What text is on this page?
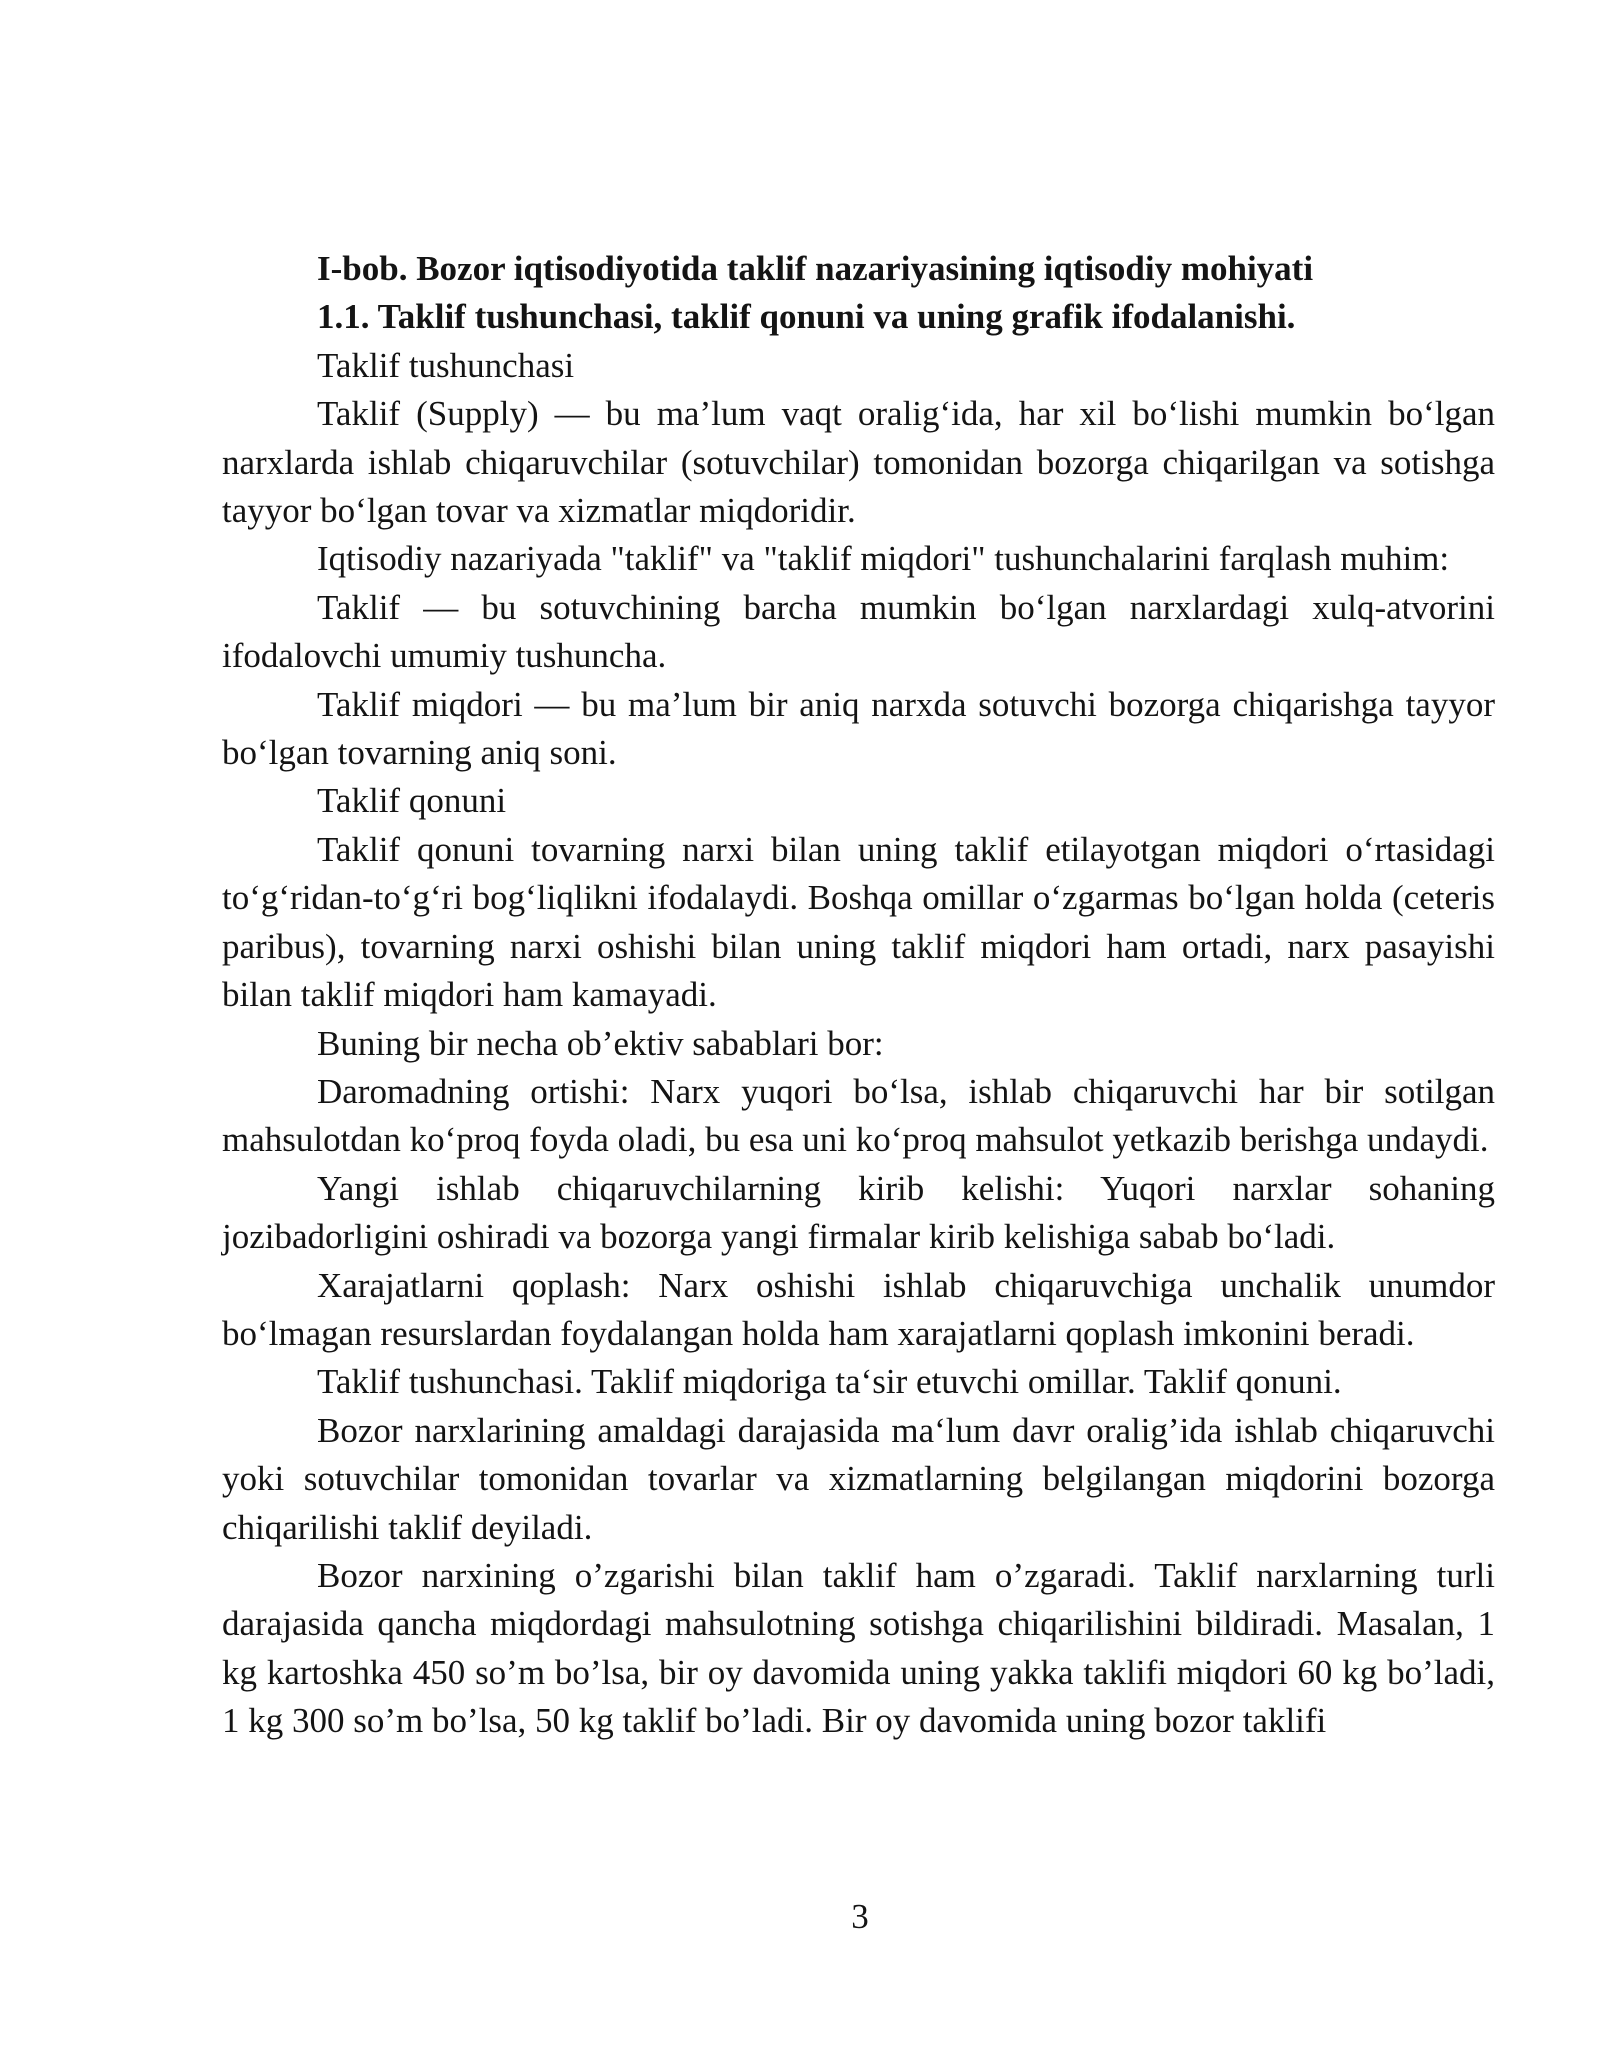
I-bob. Bozor iqtisodiyotida taklif nazariyasining iqtisodiy mohiyati

1.1. Taklif tushunchasi, taklif qonuni va uning grafik ifodalanishi.

Taklif tushunchasi

Taklif (Supply) — bu ma’lum vaqt oralig‘ida, har xil bo‘lishi mumkin bo‘lgan narxlarda ishlab chiqaruvchilar (sotuvchilar) tomonidan bozorga chiqarilgan va sotishga tayyor bo‘lgan tovar va xizmatlar miqdoridir.

Iqtisodiy nazariyada "taklif" va "taklif miqdori" tushunchalarini farqlash muhim:

Taklif — bu sotuvchining barcha mumkin bo‘lgan narxlardagi xulq-atvorini ifodalovchi umumiy tushuncha.

Taklif miqdori — bu ma’lum bir aniq narxda sotuvchi bozorga chiqarishga tayyor bo‘lgan tovarning aniq soni.

Taklif qonuni

Taklif qonuni tovarning narxi bilan uning taklif etilayotgan miqdori o‘rtasidagi to‘g‘ridan-to‘g‘ri bog‘liqlikni ifodalaydi. Boshqa omillar o‘zgarmas bo‘lgan holda (ceteris paribus), tovarning narxi oshishi bilan uning taklif miqdori ham ortadi, narx pasayishi bilan taklif miqdori ham kamayadi.

Buning bir necha ob’ektiv sabablari bor:

Daromadning ortishi: Narx yuqori bo‘lsa, ishlab chiqaruvchi har bir sotilgan mahsulotdan ko‘proq foyda oladi, bu esa uni ko‘proq mahsulot yetkazib berishga undaydi.

Yangi ishlab chiqaruvchilarning kirib kelishi: Yuqori narxlar sohaning jozibadorligini oshiradi va bozorga yangi firmalar kirib kelishiga sabab bo‘ladi.

Xarajatlarni qoplash: Narx oshishi ishlab chiqaruvchiga unchalik unumdor bo‘lmagan resurslardan foydalangan holda ham xarajatlarni qoplash imkonini beradi.

Taklif tushunchasi. Taklif miqdoriga ta‘sir etuvchi omillar. Taklif qonuni.

Bozor narxlarining amaldagi darajasida ma‘lum davr oralig’ida ishlab chiqaruvchi yoki sotuvchilar tomonidan tovarlar va xizmatlarning belgilangan miqdorini bozorga chiqarilishi taklif deyiladi.

Bozor narxining o’zgarishi bilan taklif ham o’zgaradi. Taklif narxlarning turli darajasida qancha miqdordagi mahsulotning sotishga chiqarilishini bildiradi. Masalan, 1 kg kartoshka 450 so’m bo’lsa, bir oy davomida uning yakka taklifi miqdori 60 kg bo’ladi, 1 kg 300 so’m bo’lsa, 50 kg taklif bo’ladi. Bir oy davomida uning bozor taklifi

3
